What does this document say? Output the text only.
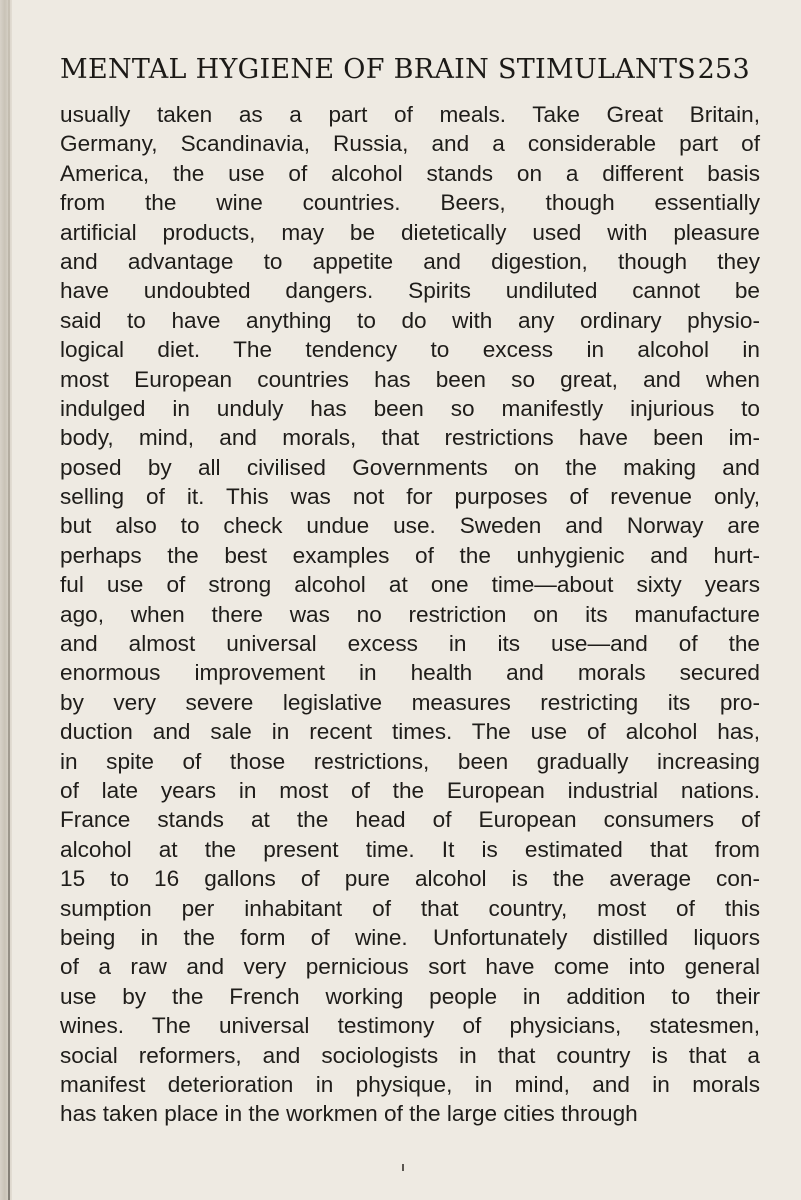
MENTAL HYGIENE OF BRAIN STIMULANTS 253
usually taken as a part of meals. Take Great Britain,
Germany, Scandinavia, Russia, and a considerable part of
America, the use of alcohol stands on a different basis
from the wine countries. Beers, though essentially
artificial products, may be dietetically used with pleasure
and advantage to appetite and digestion, though they
have undoubted dangers. Spirits undiluted cannot be
said to have anything to do with any ordinary physio-
logical diet. The tendency to excess in alcohol in
most European countries has been so great, and when
indulged in unduly has been so manifestly injurious to
body, mind, and morals, that restrictions have been im-
posed by all civilised Governments on the making and
selling of it. This was not for purposes of revenue only,
but also to check undue use. Sweden and Norway are
perhaps the best examples of the unhygienic and hurt-
ful use of strong alcohol at one time—about sixty years
ago, when there was no restriction on its manufacture
and almost universal excess in its use—and of the
enormous improvement in health and morals secured
by very severe legislative measures restricting its pro-
duction and sale in recent times. The use of alcohol has,
in spite of those restrictions, been gradually increasing
of late years in most of the European industrial nations.
France stands at the head of European consumers of
alcohol at the present time. It is estimated that from
15 to 16 gallons of pure alcohol is the average con-
sumption per inhabitant of that country, most of this
being in the form of wine. Unfortunately distilled liquors
of a raw and very pernicious sort have come into general
use by the French working people in addition to their
wines. The universal testimony of physicians, statesmen,
social reformers, and sociologists in that country is that a
manifest deterioration in physique, in mind, and in morals
has taken place in the workmen of the large cities through
